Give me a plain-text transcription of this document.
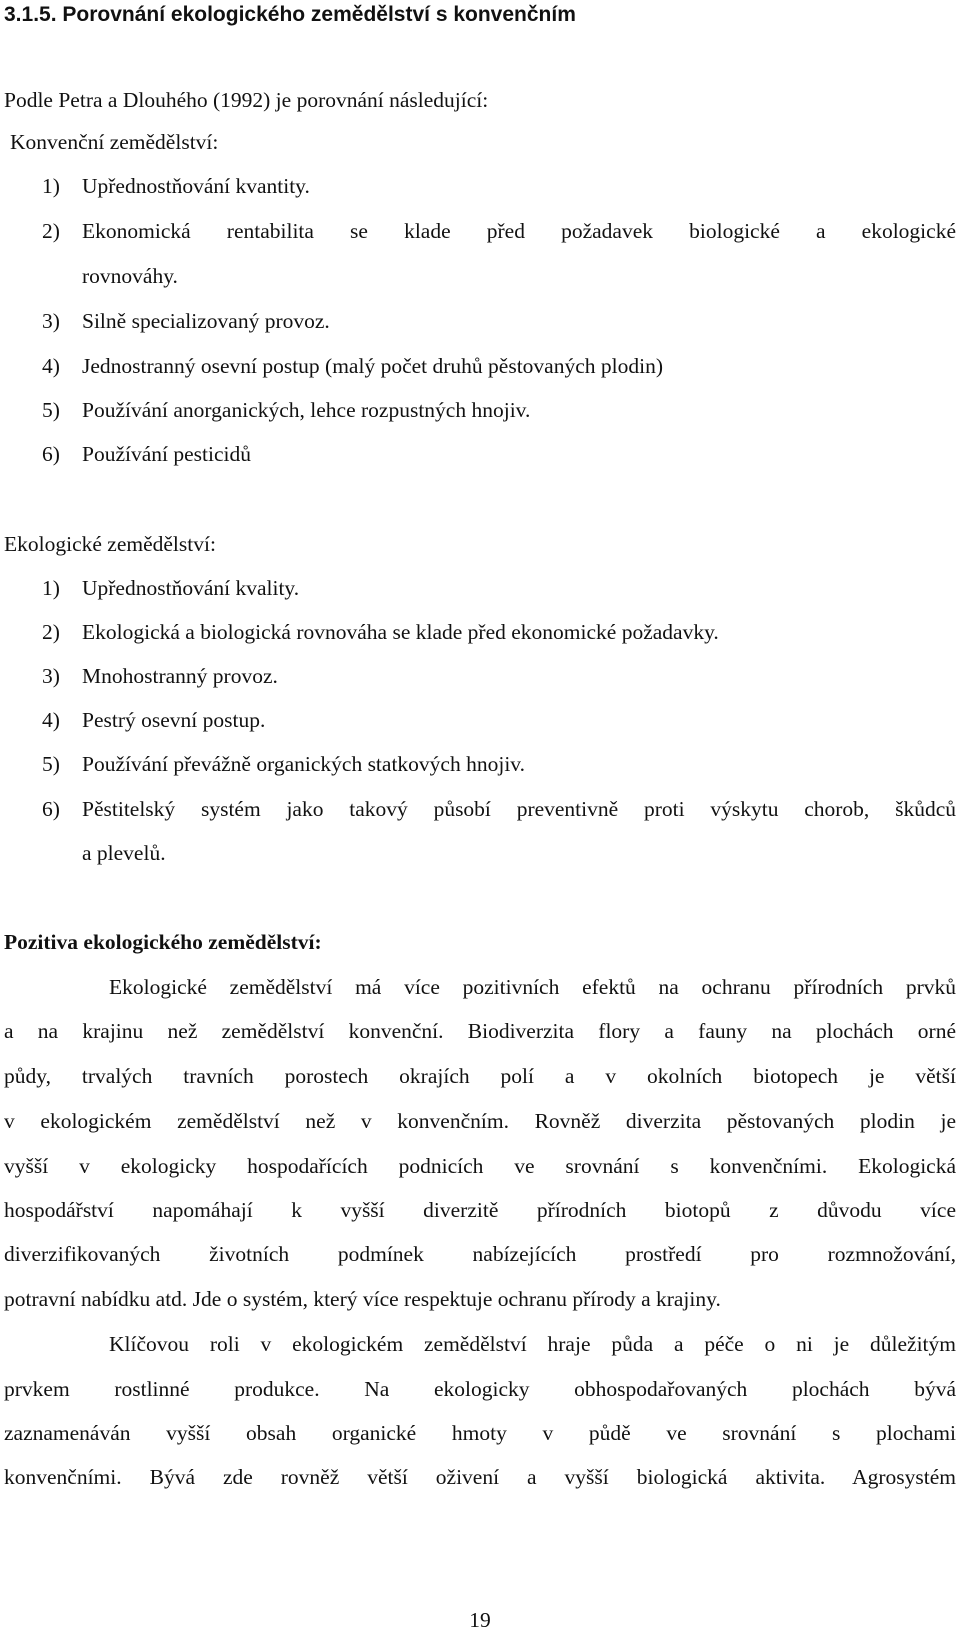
3.1.5. Porovnání ekologického zemědělství s konvenčním
Podle Petra a Dlouhého (1992) je porovnání následující:
Konvenční zemědělství:
1) Upřednostňování kvantity.
2) Ekonomická rentabilita se klade před požadavek biologické a ekologické
rovnováhy.
3) Silně specializovaný provoz.
4) Jednostranný osevní postup (malý počet druhů pěstovaných plodin)
5) Používání anorganických, lehce rozpustných hnojiv.
6) Používání pesticidů
Ekologické zemědělství:
1) Upřednostňování kvality.
2) Ekologická a biologická rovnováha se klade před ekonomické požadavky.
3) Mnohostranný provoz.
4) Pestrý osevní postup.
5) Používání převážně organických statkových hnojiv.
6) Pěstitelský systém jako takový působí preventivně proti výskytu chorob, škůdců
a plevelů.
Pozitiva ekologického zemědělství:
Ekologické zemědělství má více pozitivních efektů na ochranu přírodních prvků
a na krajinu než zemědělství konvenční. Biodiverzita flory a fauny na plochách orné
půdy, trvalých travních porostech okrajích polí a v okolních biotopech je větší
v ekologickém zemědělství než v konvenčním. Rovněž diverzita pěstovaných plodin je
vyšší v ekologicky hospodařících podnicích ve srovnání s konvenčními. Ekologická
hospodářství napomáhají k vyšší diverzitě přírodních biotopů z důvodu více
diverzifikovaných životních podmínek nabízejících prostředí pro rozmnožování,
potravní nabídku atd. Jde o systém, který více respektuje ochranu přírody a krajiny.
Klíčovou roli v ekologickém zemědělství hraje půda a péče o ni je důležitým
prvkem rostlinné produkce. Na ekologicky obhospodařovaných plochách bývá
zaznamenáván vyšší obsah organické hmoty v půdě ve srovnání s plochami
konvenčními. Bývá zde rovněž větší oživení a vyšší biologická aktivita. Agrosystém
19
